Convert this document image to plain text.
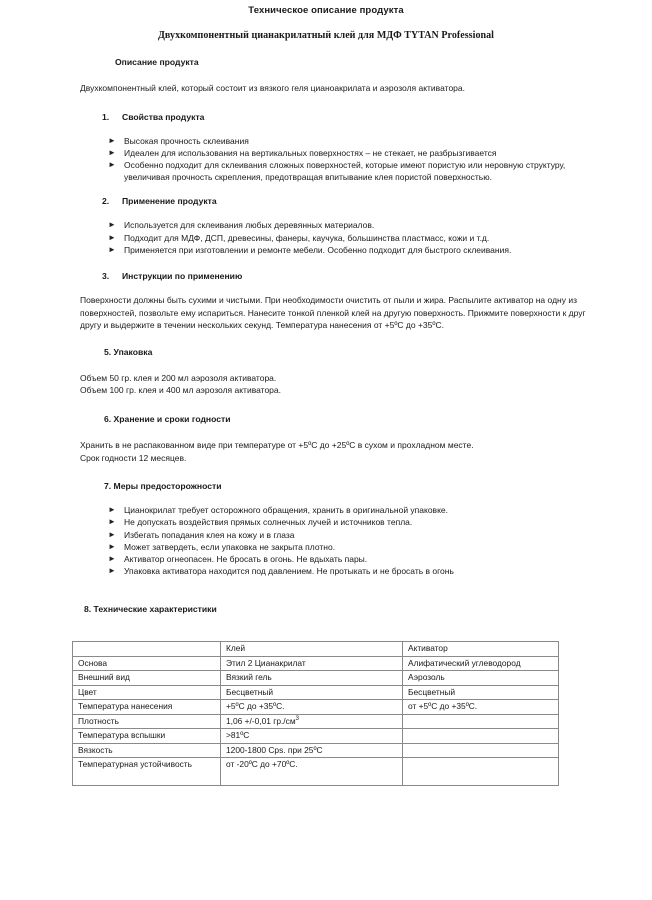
Техническое описание продукта
Двухкомпонентный цианакрилатный клей для МДФ TYTAN Professional
Описание продукта

Двухкомпонентный клей, который состоит из вязкого геля цианоакрилата и аэрозоля активатора.

1.	Свойства продукта
► Высокая прочность склеивания
► Идеален для использования на вертикальных поверхностях – не стекает, не разбрызгивается
► Особенно подходит для склеивания сложных поверхностей, которые имеют пористую или неровную структуру, увеличивая прочность скрепления, предотвращая впитывание клея пористой поверхностью.
2.	Применение продукта
► Используется для склеивания любых деревянных материалов.
► Подходит для МДФ, ДСП, древесины, фанеры, каучука, большинства пластмасс, кожи и т.д.
► Применяется при изготовлении и ремонте мебели. Особенно подходит для быстрого склеивания.
3.	Инструкции по применению

Поверхности должны быть сухими и чистыми. При необходимости очистить от пыли и жира. Распылите активатор на одну из поверхностей, позвольте ему испариться. Нанесите тонкой пленкой клей на другую поверхность. Прижмите поверхности к друг другу и выдержите в течении нескольких секунд. Температура нанесения от +5ºC до +35ºC.

5. Упаковка

Объем 50 гр. клея и 200 мл аэрозоля активатора.

Объем 100 гр. клея и 400 мл аэрозоля активатора.

6. Хранение и сроки годности

Хранить в не распакованном виде при температуре от +5ºC до +25ºC в сухом и прохладном месте.

Срок годности 12 месяцев.

7. Меры предосторожности
► Цианокрилат требует осторожного обращения, хранить в оригинальной упаковке.
► Не допускать воздействия прямых солнечных лучей и источников тепла.
► Избегать попадания клея на кожу и в глаза
► Может затвердеть, если упаковка не закрыта плотно.
► Активатор огнеопасен. Не бросать в огонь. Не вдыхать пары.
► Упаковка активатора находится под давлением. Не протыкать и не бросать в огонь
8. Технические характеристики
	Клей	Активатор
Основа	Этил 2 Цианакрилат	Алифатический углеводород
Внешний вид	Вязкий гель	Аэрозоль
Цвет	Бесцветный	Бесцветный
Температура нанесения	+5ºC до +35ºC.	от +5ºC до +35ºC.
Плотность	1,06 +/-0,01 $гр./см^3$	
Температура вспышки	>81ºC	
Вязкость	1200-1800 Cps. при 25ºC	
Температурная устойчивость	от -20ºC до +70ºC.	
